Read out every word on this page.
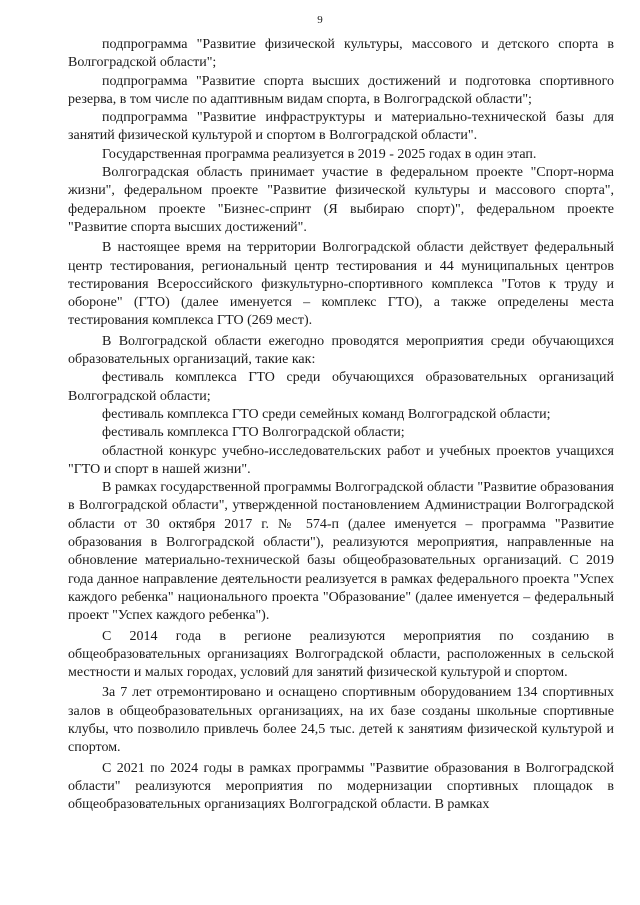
9

подпрограмма "Развитие физической культуры, массового и детского спорта в Волгоградской области";

подпрограмма "Развитие спорта высших достижений и подготовка спортивного резерва, в том числе по адаптивным видам спорта, в Волгоградской области";

подпрограмма "Развитие инфраструктуры и материально-технической базы для занятий физической культурой и спортом в Волгоградской области".

Государственная программа реализуется в 2019 - 2025 годах в один этап.

Волгоградская область принимает участие в федеральном проекте "Спорт-норма жизни", федеральном проекте "Развитие физической культуры и массового спорта", федеральном проекте "Бизнес-спринт (Я выбираю спорт)", федеральном проекте "Развитие спорта высших достижений".

В настоящее время на территории Волгоградской области действует федеральный центр тестирования, региональный центр тестирования и 44 муниципальных центров тестирования Всероссийского физкультурно-спортивного комплекса "Готов к труду и обороне" (ГТО) (далее именуется – комплекс ГТО), а также определены места тестирования комплекса ГТО (269 мест).

В Волгоградской области ежегодно проводятся мероприятия среди обучающихся образовательных организаций, такие как:

фестиваль комплекса ГТО среди обучающихся образовательных организаций Волгоградской области;

фестиваль комплекса ГТО среди семейных команд Волгоградской области;

фестиваль комплекса ГТО Волгоградской области;

областной конкурс учебно-исследовательских работ и учебных проектов учащихся "ГТО и спорт в нашей жизни".

В рамках государственной программы Волгоградской области "Развитие образования в Волгоградской области", утвержденной постановлением Администрации Волгоградской области от 30 октября 2017 г. № 574-п (далее именуется – программа "Развитие образования в Волгоградской области"), реализуются мероприятия, направленные на обновление материально-технической базы общеобразовательных организаций. С 2019 года данное направление деятельности реализуется в рамках федерального проекта "Успех каждого ребенка" национального проекта "Образование" (далее именуется – федеральный проект "Успех каждого ребенка").

С 2014 года в регионе реализуются мероприятия по созданию в общеобразовательных организациях Волгоградской области, расположенных в сельской местности и малых городах, условий для занятий физической культурой и спортом.

За 7 лет отремонтировано и оснащено спортивным оборудованием 134 спортивных залов в общеобразовательных организациях, на их базе созданы школьные спортивные клубы, что позволило привлечь более 24,5 тыс. детей к занятиям физической культурой и спортом.

С 2021 по 2024 годы в рамках программы "Развитие образования в Волгоградской области" реализуются мероприятия по модернизации спортивных площадок в общеобразовательных организациях Волгоградской области. В рамках
